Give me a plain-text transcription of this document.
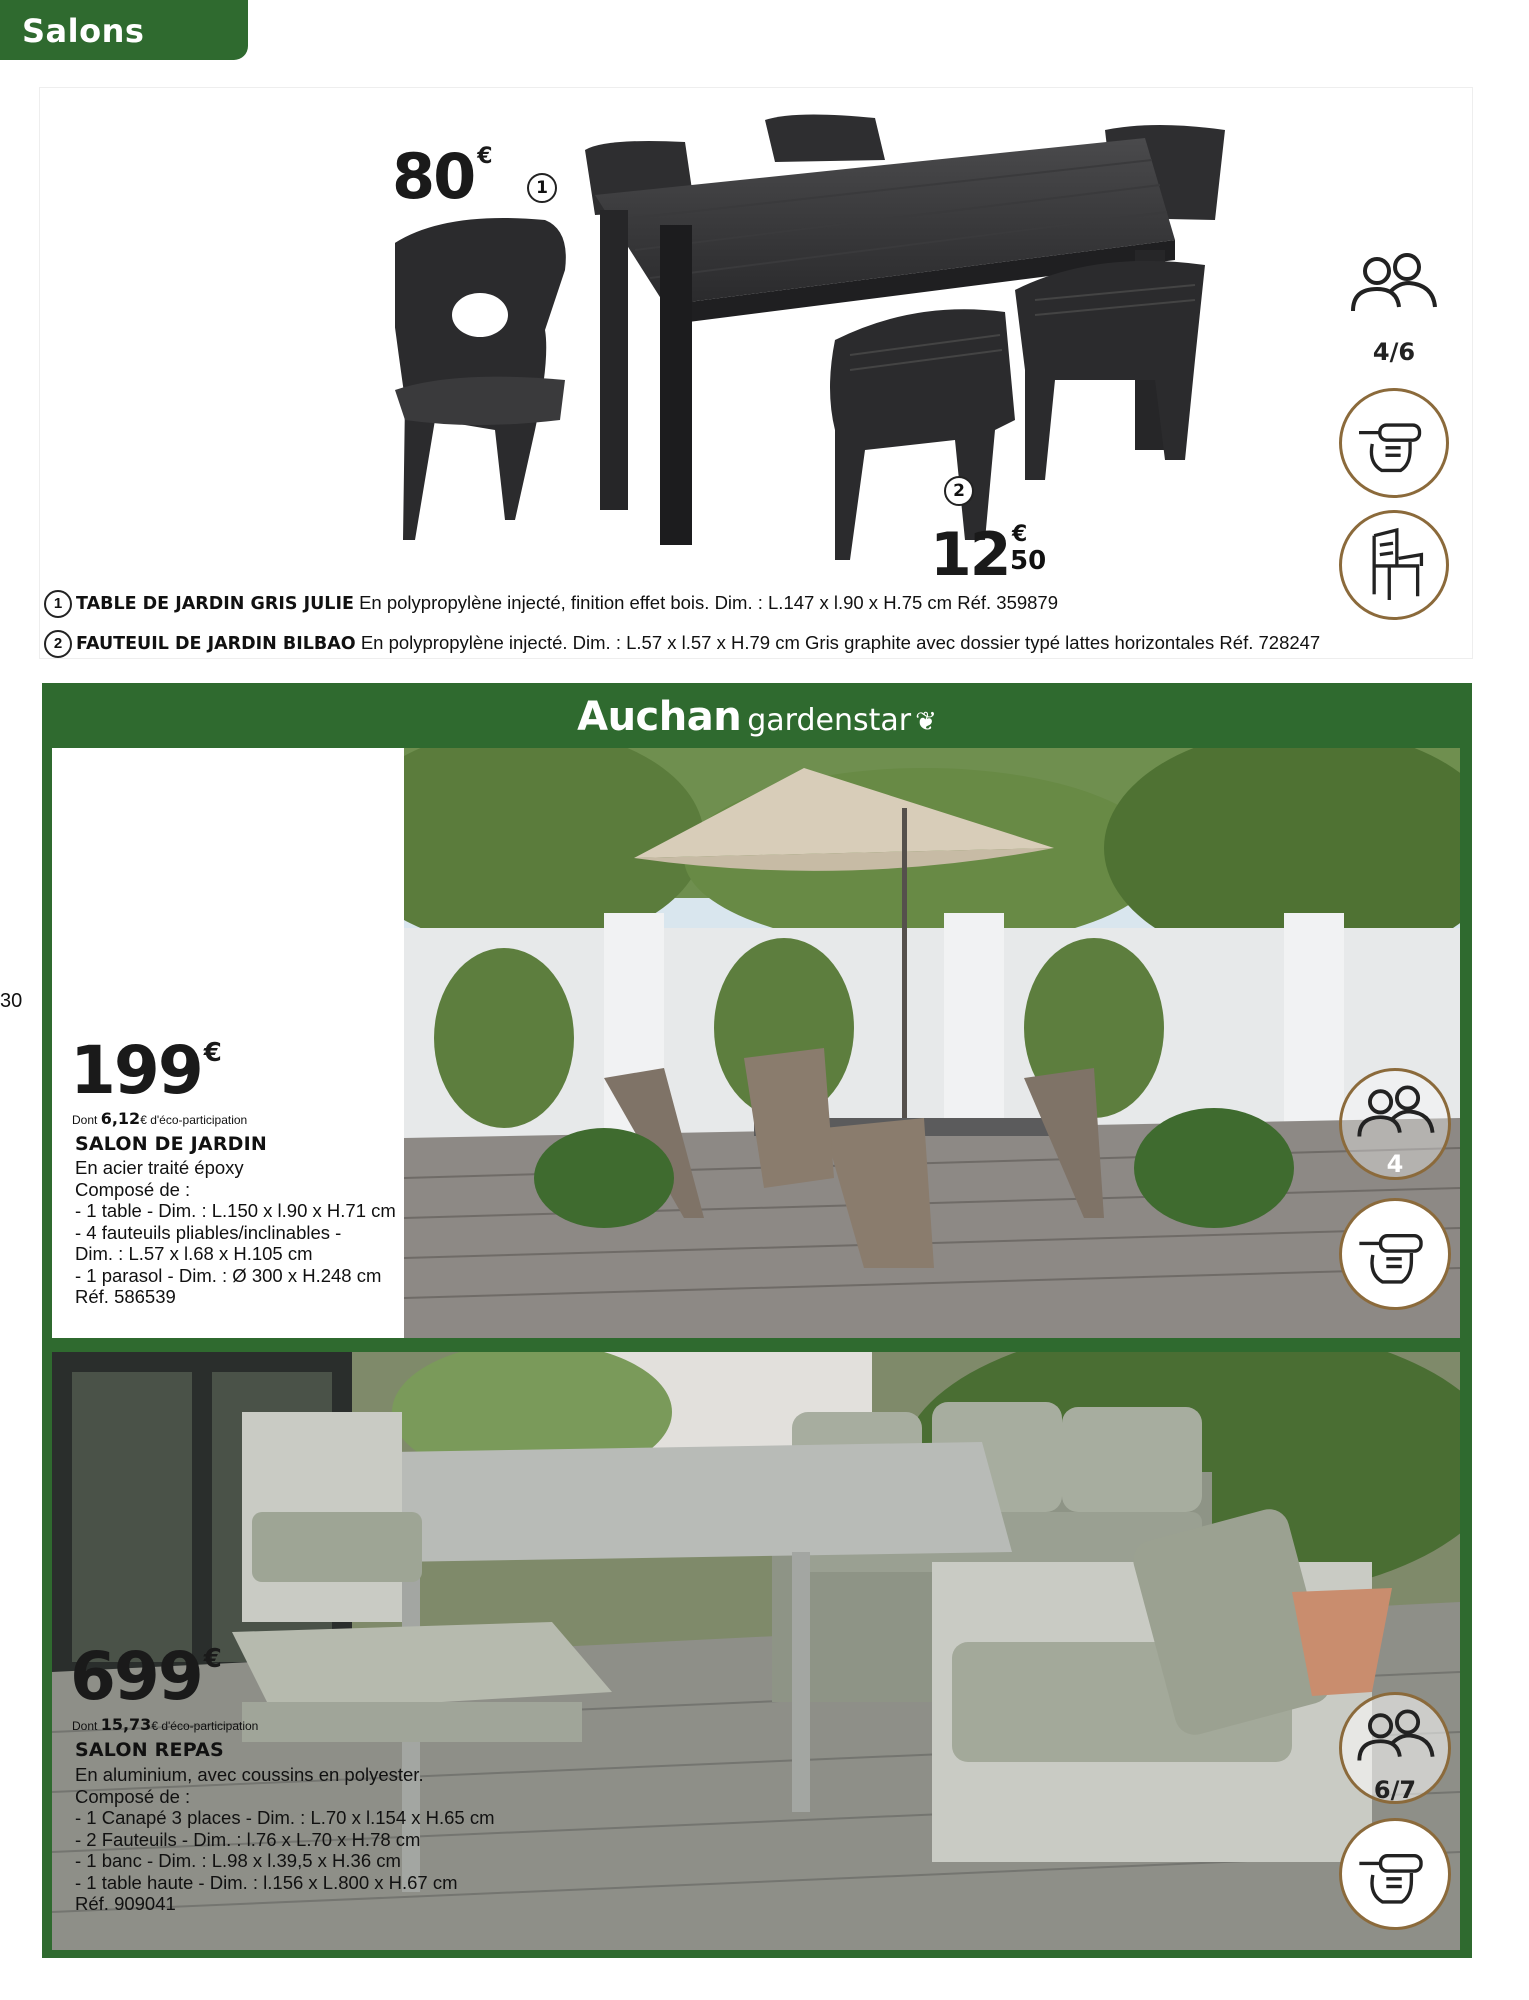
Salons repas
30
80 €
1
2
12 €
50
4/6
1 TABLE DE JARDIN GRIS JULIE En polypropylène injecté, finition effet bois. Dim. : L.147 x l.90 x H.75 cm Réf. 359879
2 FAUTEUIL DE JARDIN BILBAO En polypropylène injecté. Dim. : L.57 x l.57 x H.79 cm Gris graphite avec dossier typé lattes horizontales Réf. 728247
Auchan gardenstar ❦
199€
Dont 6,12€ d'éco-participation
SALON DE JARDIN
En acier traité époxy
Composé de :
- 1 table - Dim. : L.150 x l.90 x H.71 cm
- 4 fauteuils pliables/inclinables -
Dim. : L.57 x l.68 x H.105 cm
- 1 parasol - Dim. : Ø 300 x H.248 cm
Réf. 586539
4
699€
Dont 15,73€ d'éco-participation
SALON REPAS
En aluminium, avec coussins en polyester.
Composé de :
- 1 Canapé 3 places - Dim. : L.70 x l.154 x H.65 cm
- 2 Fauteuils - Dim. : l.76 x L.70 x H.78 cm
- 1 banc - Dim. : L.98 x l.39,5 x H.36 cm
- 1 table haute - Dim. : l.156 x L.800 x H.67 cm
Réf. 909041
6/7
